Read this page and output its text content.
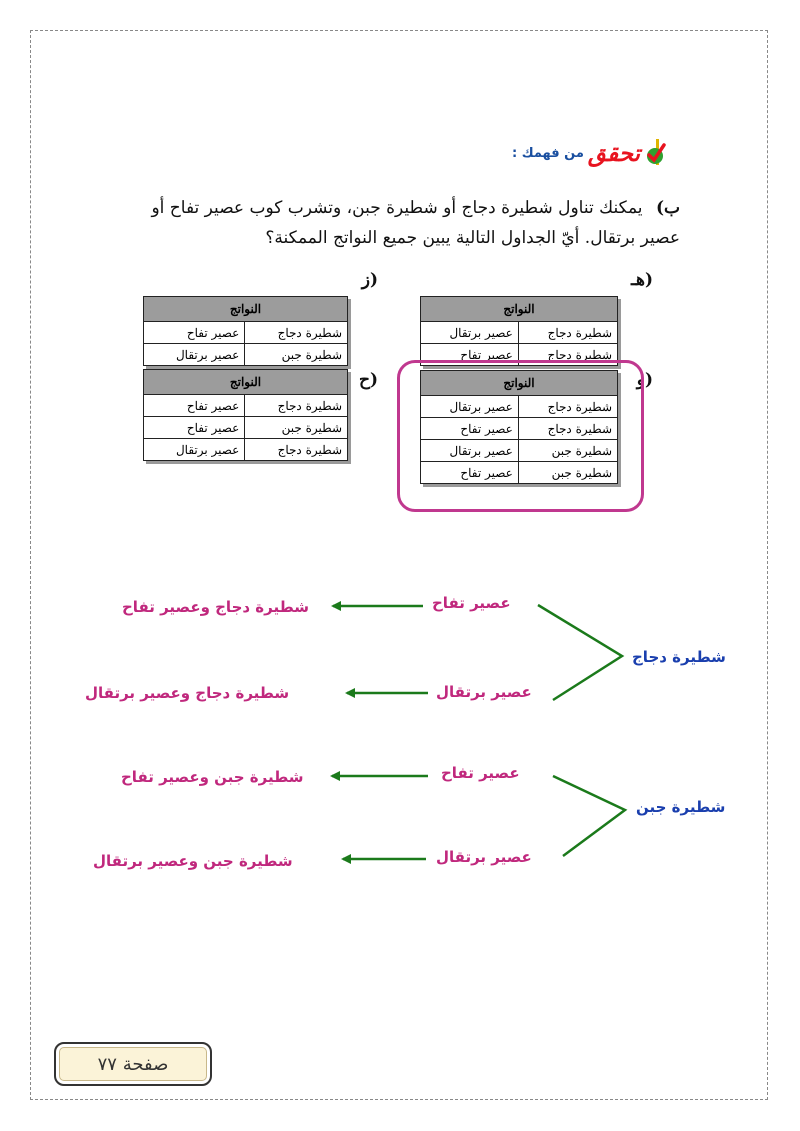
تحقق
من فهمك :
ب) يمكنك تناول شطيرة دجاج أو شطيرة جبن، وتشرب كوب عصير تفاح أو عصير برتقال. أيّ الجداول التالية يبين جميع النواتج الممكنة؟
هـ)
ز)
و)
ح)
النواتج	
شطيرة دجاج	عصير برتقال
شطيرة دجاج	عصير تفاح
النواتج	
شطيرة دجاج	عصير تفاح
شطيرة جبن	عصير برتقال
النواتج	
شطيرة دجاج	عصير برتقال
شطيرة دجاج	عصير تفاح
شطيرة جبن	عصير برتقال
شطيرة جبن	عصير تفاح
النواتج	
شطيرة دجاج	عصير تفاح
شطيرة جبن	عصير تفاح
شطيرة دجاج	عصير برتقال
شطيرة دجاج
عصير تفاح
عصير برتقال
شطيرة دجاج وعصير تفاح
شطيرة دجاج وعصير برتقال
شطيرة جبن
عصير تفاح
عصير برتقال
شطيرة جبن وعصير تفاح
شطيرة جبن وعصير برتقال
صفحة ٧٧
